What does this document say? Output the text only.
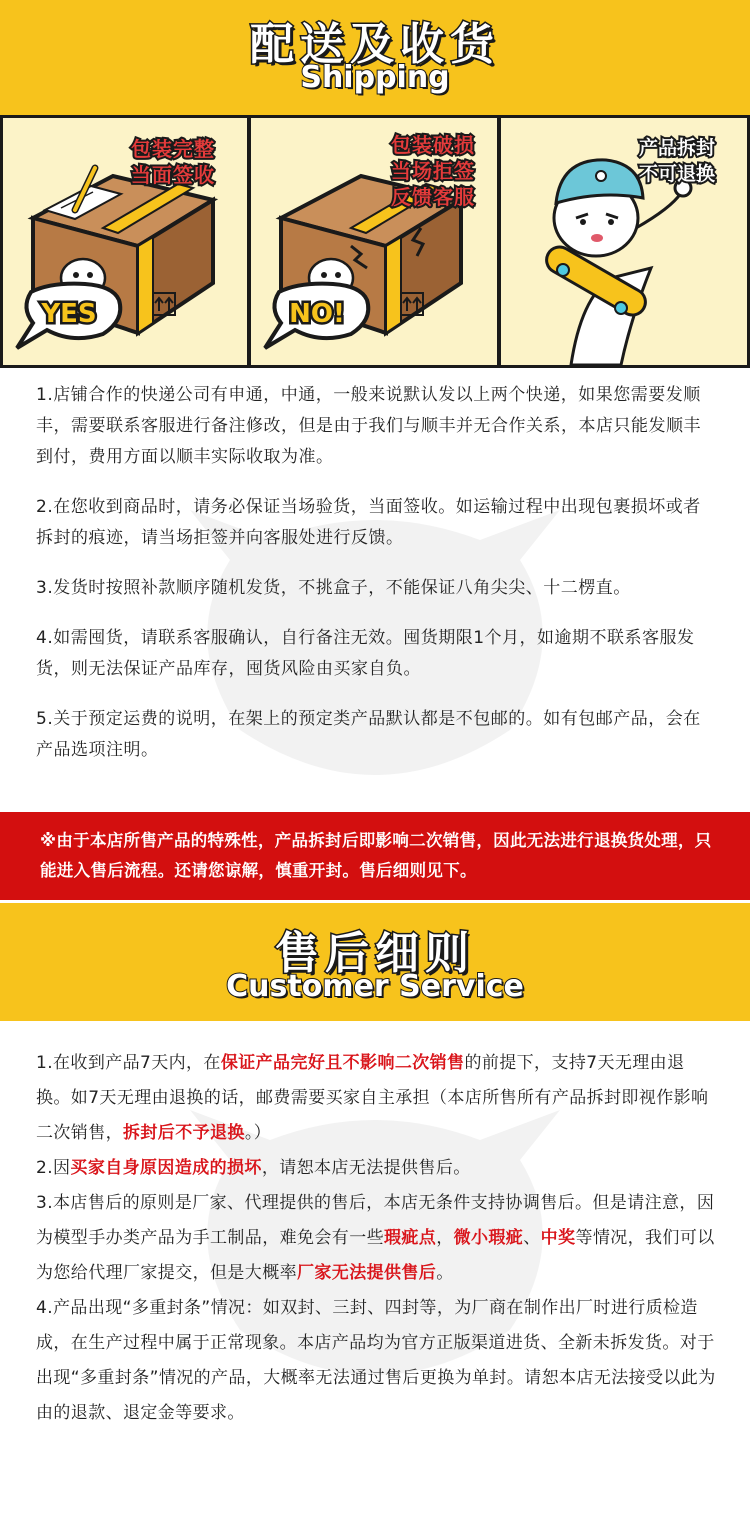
配送及收货
Shipping
YES
包装完整
当面签收
NO!
包装破损
当场拒签
反馈客服
产品拆封
不可退换

1.店铺合作的快递公司有申通，中通，一般来说默认发以上两个快递，如果您需要发顺丰，需要联系客服进行备注修改，但是由于我们与顺丰并无合作关系，本店只能发顺丰到付，费用方面以顺丰实际收取为准。

2.在您收到商品时，请务必保证当场验货，当面签收。如运输过程中出现包裹损坏或者拆封的痕迹，请当场拒签并向客服处进行反馈。

3.发货时按照补款顺序随机发货，不挑盒子，不能保证八角尖尖、十二楞直。

4.如需囤货，请联系客服确认，自行备注无效。囤货期限1个月，如逾期不联系客服发货，则无法保证产品库存，囤货风险由买家自负。

5.关于预定运费的说明，在架上的预定类产品默认都是不包邮的。如有包邮产品，会在产品选项注明。

※由于本店所售产品的特殊性，产品拆封后即影响二次销售，因此无法进行退换货处理，只能进入售后流程。还请您谅解，慎重开封。售后细则见下。
售后细则
Customer Service

1.在收到产品7天内，在保证产品完好且不影响二次销售的前提下，支持7天无理由退换。如7天无理由退换的话，邮费需要买家自主承担（本店所售所有产品拆封即视作影响二次销售，拆封后不予退换。）

2.因买家自身原因造成的损坏，请恕本店无法提供售后。

3.本店售后的原则是厂家、代理提供的售后，本店无条件支持协调售后。但是请注意，因为模型手办类产品为手工制品，难免会有一些瑕疵点，微小瑕疵、中奖等情况，我们可以为您给代理厂家提交，但是大概率厂家无法提供售后。

4.产品出现“多重封条”情况：如双封、三封、四封等，为厂商在制作出厂时进行质检造成，在生产过程中属于正常现象。本店产品均为官方正版渠道进货、全新未拆发货。对于出现“多重封条”情况的产品，大概率无法通过售后更换为单封。请恕本店无法接受以此为由的退款、退定金等要求。
